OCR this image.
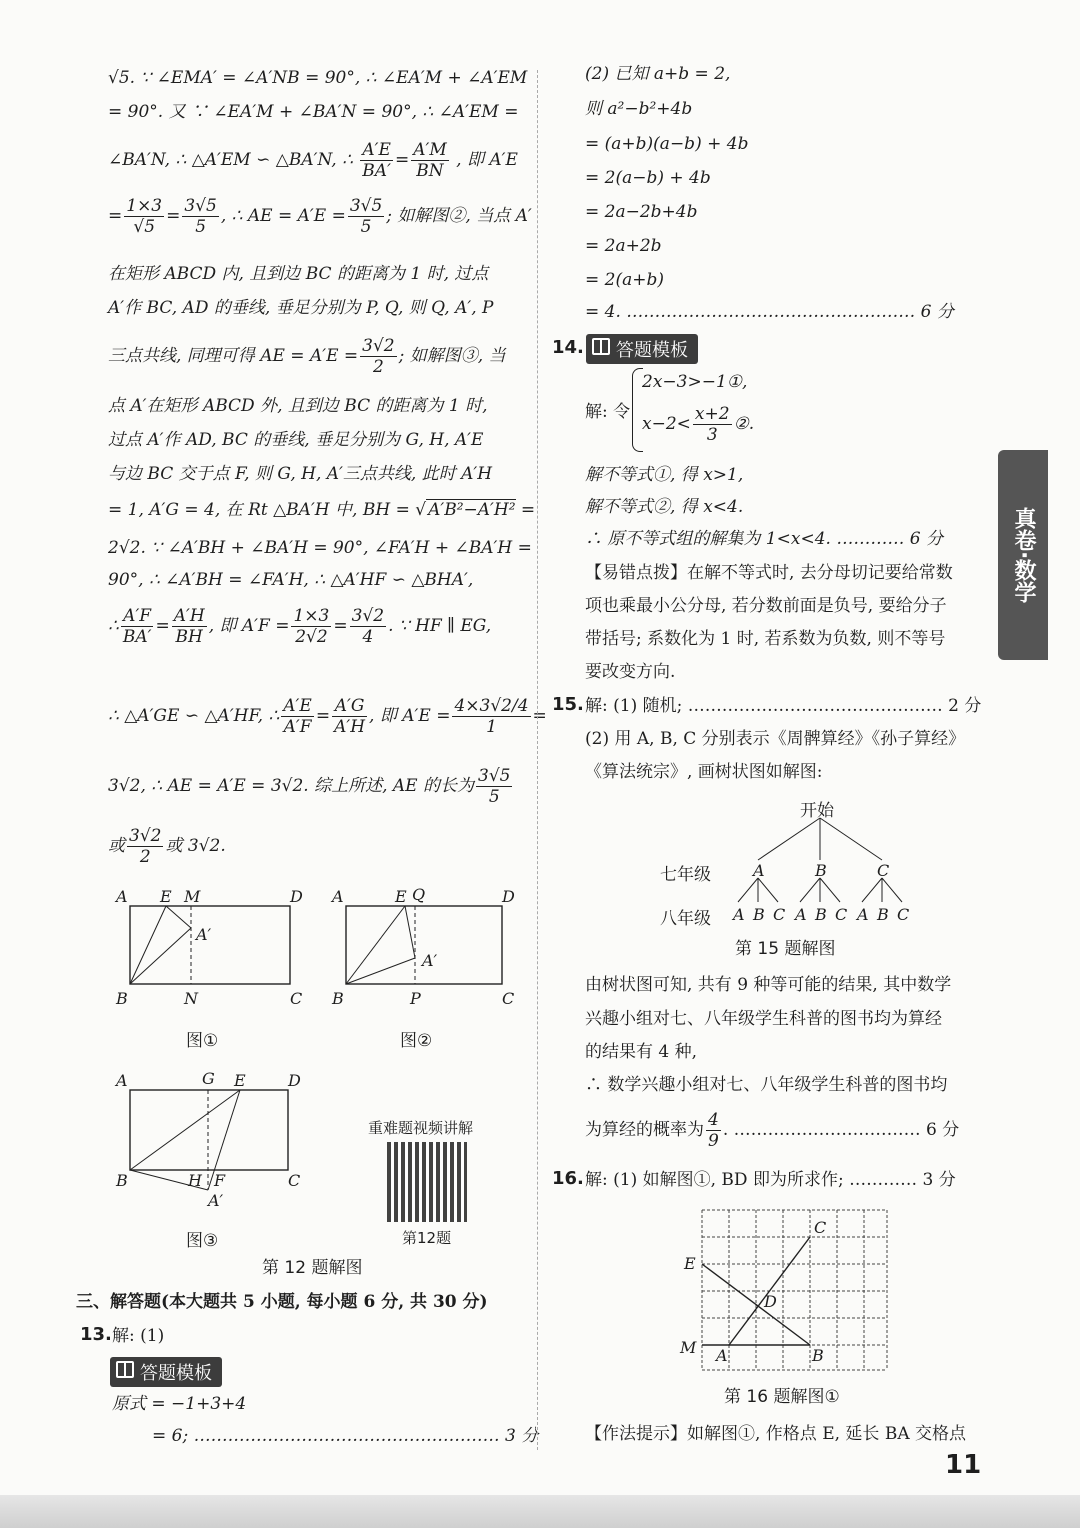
√5. ∵ ∠EMA′ = ∠A′NB = 90°, ∴ ∠EA′M + ∠A′EM
= 90°. 又 ∵ ∠EA′M + ∠BA′N = 90°, ∴ ∠A′EM =
∠BA′N, ∴ △A′EM ∽ △BA′N, ∴ $\frac{A'E}{BA'} = \frac{A'M}{BN}$ , 即 A′E
= $\frac{1\times 3}{√5} = \frac{3√5}{5}$ , ∴ AE = $A'E = \frac{3√5}{5}$ ; 如解图②, 当点 A′
在矩形 ABCD 内, 且到边 BC 的距离为 1 时, 过点
A′作 BC, AD 的垂线, 垂足分别为 P, Q, 则 Q, A′, P
三点共线, 同理可得 AE = $A'E = \frac{3√2}{2}$ ; 如解图③, 当
点 A′在矩形 ABCD 外, 且到边 BC 的距离为 1 时,
过点 A′作 AD, BC 的垂线, 垂足分别为 G, H, A′E
与边 BC 交于点 F, 则 G, H, A′三点共线, 此时 A′H
= 1, A′G = 4, 在 Rt △BA′H 中, BH = √ A′B²−A′H² =
2√2. ∵ ∠A′BH + ∠BA′H = 90°, ∠FA′H + ∠BA′H =
90°, ∴ ∠A′BH = ∠FA′H, ∴ △A′HF ∽ △BHA′,
∴ $\frac{A'F}{BA'} = \frac{A'H}{BH}$ , 即 $A'F = \frac{1\times 3}{2√2} = \frac{3√2}{4}$ . ∵ HF ∥ EG,
∴ △A′GE ∽ △A′HF, ∴ $\frac{A'E}{A'F} = \frac{A'G}{A'H}$ , 即 $A'E = \frac{4\times 3√2/4}{1}$ =
3√2, ∴ AE = A′E = 3√2. 综上所述, AE 的长为 $\frac{3√5}{5}$
或 $\frac{3√2}{2}$ 或 3√2.
A E M	D
A′
B	N	C
A	E Q	D
A′
B	P	C
A	G E	D
B	H F
A′
C
图①	图②
图③
第 12 题解图
重难题视频讲解
第12题
三、解答题(本大题共 5 小题, 每小题 6 分, 共 30 分)
13. 解: (1)
答题模板
原式 = −1+3+4
= 6; ……………………………………………… 3 分
(2) 已知 a+b = 2,
则 a²−b²+4b
= (a+b)(a−b) + 4b
= 2(a−b) + 4b
= 2a−2b+4b
= 2a+2b
= 2(a+b)
= 4. …………………………………………… 6 分
14.	答题模板
解: 令
2x−3>−1①,
$x-2< \frac{x+2}{3}$ ②.
解不等式①, 得 x>1,
解不等式②, 得 x<4.
∴ 原不等式组的解集为 1<x<4. ………… 6 分
【易错点拨】在解不等式时, 去分母切记要给常数
项也乘最小公分母, 若分数前面是负号, 要给分子
带括号; 系数化为 1 时, 若系数为负数, 则不等号
要改变方向.
15. 解: (1) 随机; ……………………………………… 2 分
(2) 用 A, B, C 分别表示《周髀算经》《孙子算经》
《算法统宗》, 画树状图如解图:
A	B	C
A B C A B C A B C
开始
七年级
八年级
第 15 题解图
由树状图可知, 共有 9 种等可能的结果, 其中数学
兴趣小组对七、八年级学生科普的图书均为算经
的结果有 4 种,
∴ 数学兴趣小组对七、八年级学生科普的图书均
为算经的概率为 $\frac{4}{9}$ . …………………………… 6 分
16. 解: (1) 如解图①, BD 即为所求作; ………… 3 分
C
E
D
M A	B
第 16 题解图①
【作法提示】如解图①, 作格点 E, 延长 BA 交格点
真卷·数学
11
